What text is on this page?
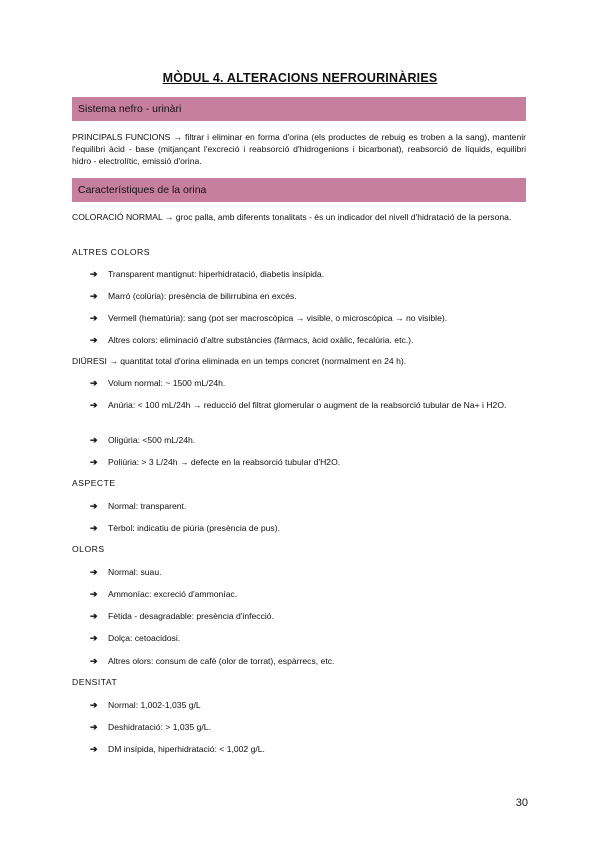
MÒDUL 4. ALTERACIONS NEFROURINÀRIES
Sistema nefro - urinàri
PRINCIPALS FUNCIONS → filtrar i eliminar en forma d'orina (els productes de rebuig es troben a la sang), mantenir l'equilibri àcid - base (mitjançant l'excreció i reabsorció d'hidrogenions i bicarbonat), reabsorció de líquids, equilibri hidro - electrolític, emissió d'orina.
Característiques de la orina
COLORACIÓ NORMAL → groc palla, amb diferents tonalitats - és un indicador del nivell d'hidratació de la persona.
ALTRES COLORS
➔	Transparent mantignut: hiperhidratació, diabetis insípida.
➔	Marró (colúria): presència de bilirrubina en excés.
➔	Vermell (hematúria): sang (pot ser macroscòpica → visible, o microscòpica → no visible).
➔	Altres colors: eliminació d'altre substàncies (fàrmacs, àcid oxàlic, fecalúria. etc.).
DIÜRESI → quantitat total d'orina eliminada en un temps concret (normalment en 24 h).
➔	Volum normal: ~ 1500 mL/24h.
➔	Anúria: < 100 mL/24h → reducció del filtrat glomerular o augment de la reabsorció tubular de Na+ i H2O.
➔	Oligúria: <500 mL/24h.
➔	Poliúria: > 3 L/24h → defecte en la reabsorció tubular d'H2O.
ASPECTE
➔	Normal: transparent.
➔	Tèrbol: indicatiu de piúria (presència de pus).
OLORS
➔	Normal: suau.
➔	Ammoníac: excreció d'ammoníac.
➔	Fètida - desagradable: presència d'infecció.
➔	Dolça: cetoacidosi.
➔	Altres olors: consum de cafè (olor de torrat), espàrrecs, etc.
DENSITAT
➔	Normal: 1,002-1,035 g/L
➔	Deshidratació: > 1,035 g/L.
➔	DM insípida, hiperhidratació: < 1,002 g/L.
30
